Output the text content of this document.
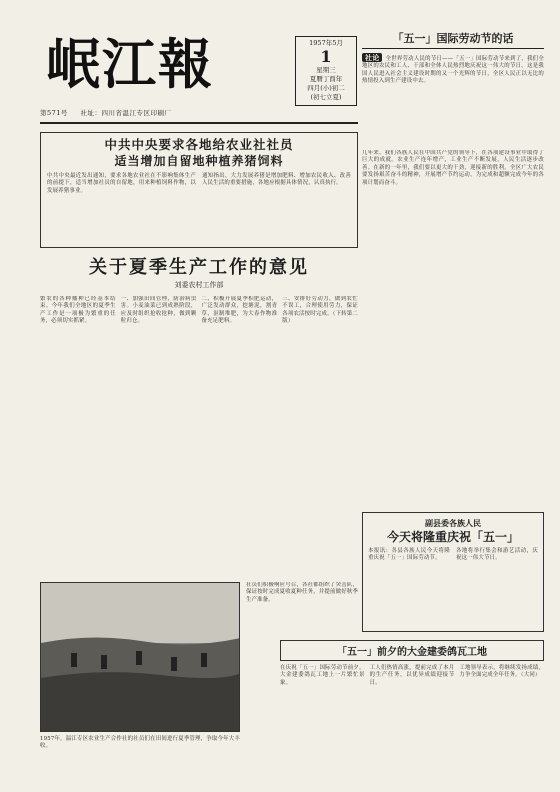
岷江報	1957年5月
1
星期三
夏曆丁酉年
四月(小)初二
(初七立夏)
第571号 社址：四川省温江专区印刷厂
「五一」国际劳动节的话
社论 全世界劳动人民的节日——「五一」国际劳动节来到了，我们全地区的农民和工人、干部和全体人民热烈地庆祝这一伟大的节日。这是我国人民进入社会主义建设时期的又一个光辉的节日，全区人民正以无比的热情投入到生产建设中去。
中共中央要求各地给农业社社员
适当增加自留地种植养猪饲料
中共中央最近发出通知，要求各地农业社在不影响集体生产的前提下，适当增加社员的自留地，用来种植饲料作物，以发展养猪事业。
通知指出，大力发展养猪是增加肥料、增加农民收入、改善人民生活的重要措施，各地应根据具体情况，认真执行。
关于夏季生产工作的意见
刘委农村工作部
繁农的各种播种已经基本结束。今年我们全地区的夏季生产工作是一项极为繁重的任务，必须切实抓紧。
一、加强田间管理，防治病虫害。小麦油菜已到成熟阶段，应及时组织抢收抢种，做到颗粒归仓。
二、积极开展夏季积肥运动，广泛发动群众，挖塘泥，割青草，沤制堆肥，为大春作物准备充足肥料。
三、安排好劳动力，做到农忙不误工，合理使用劳力，保证各项农活按时完成。（下转第二版）
1957年，温江专区农业生产合作社的社员们在田间进行夏季管理，争取今年大丰收。
社员们积极响应号召，各社都组织了突击队，保证按时完成夏收夏种任务，并提前做好秋季生产准备。
几年来，我们各族人民在中国共产党的领导下，在各项建设事业中取得了巨大的成就。农业生产连年增产，工业生产不断发展，人民生活逐步改善。在新的一年里，我们要以更大的干劲，迎接新的胜利。全区广大农民要发扬艰苦奋斗的精神，开展增产节约运动，为完成和超额完成今年的各项计划而奋斗。
副县委各族人民
今天将隆重庆祝「五一」
本报讯：各县各族人民今天将隆重庆祝「五一」国际劳动节。
各地将举行集会和游艺活动，庆祝这一伟大节日。
「五一」前夕的大金建委鸽瓦工地
在庆祝「五一」国际劳动节前夕，大金建委鸽瓦工地上一片繁忙景象。
工人们热情高涨，提前完成了本月的生产任务，以优异成绩迎接节日。
工地领导表示，将继续发扬成绩，力争全面完成全年任务。（大同）
